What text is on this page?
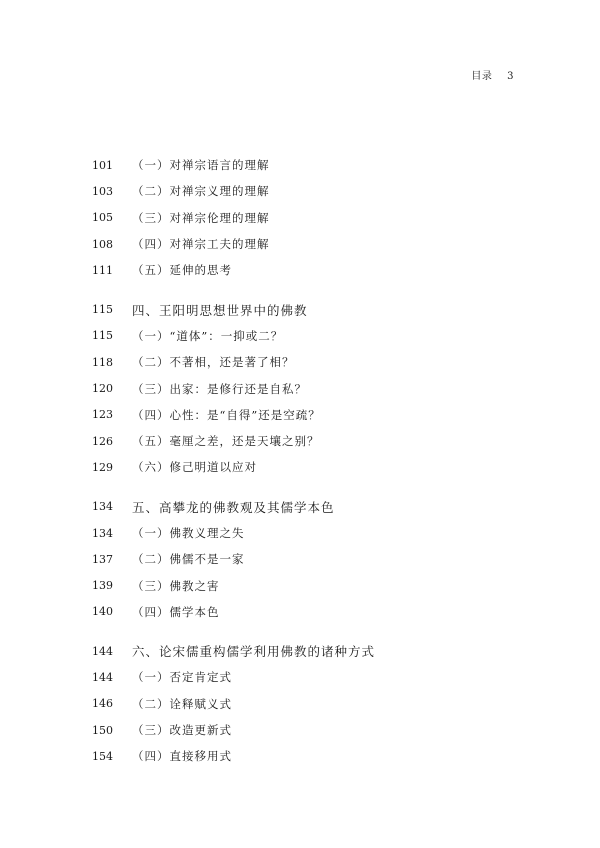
目录 3
101	（一）对禅宗语言的理解
103	（二）对禅宗义理的理解
105	（三）对禅宗伦理的理解
108	（四）对禅宗工夫的理解
111	（五）延伸的思考
115	四、王阳明思想世界中的佛教
115	（一）“道体”：一抑或二？
118	（二）不著相，还是著了相？
120	（三）出家：是修行还是自私？
123	（四）心性：是“自得”还是空疏？
126	（五）毫厘之差，还是天壤之别？
129	（六）修己明道以应对
134	五、高攀龙的佛教观及其儒学本色
134	（一）佛教义理之失
137	（二）佛儒不是一家
139	（三）佛教之害
140	（四）儒学本色
144	六、论宋儒重构儒学利用佛教的诸种方式
144	（一）否定肯定式
146	（二）诠释赋义式
150	（三）改造更新式
154	（四）直接移用式
